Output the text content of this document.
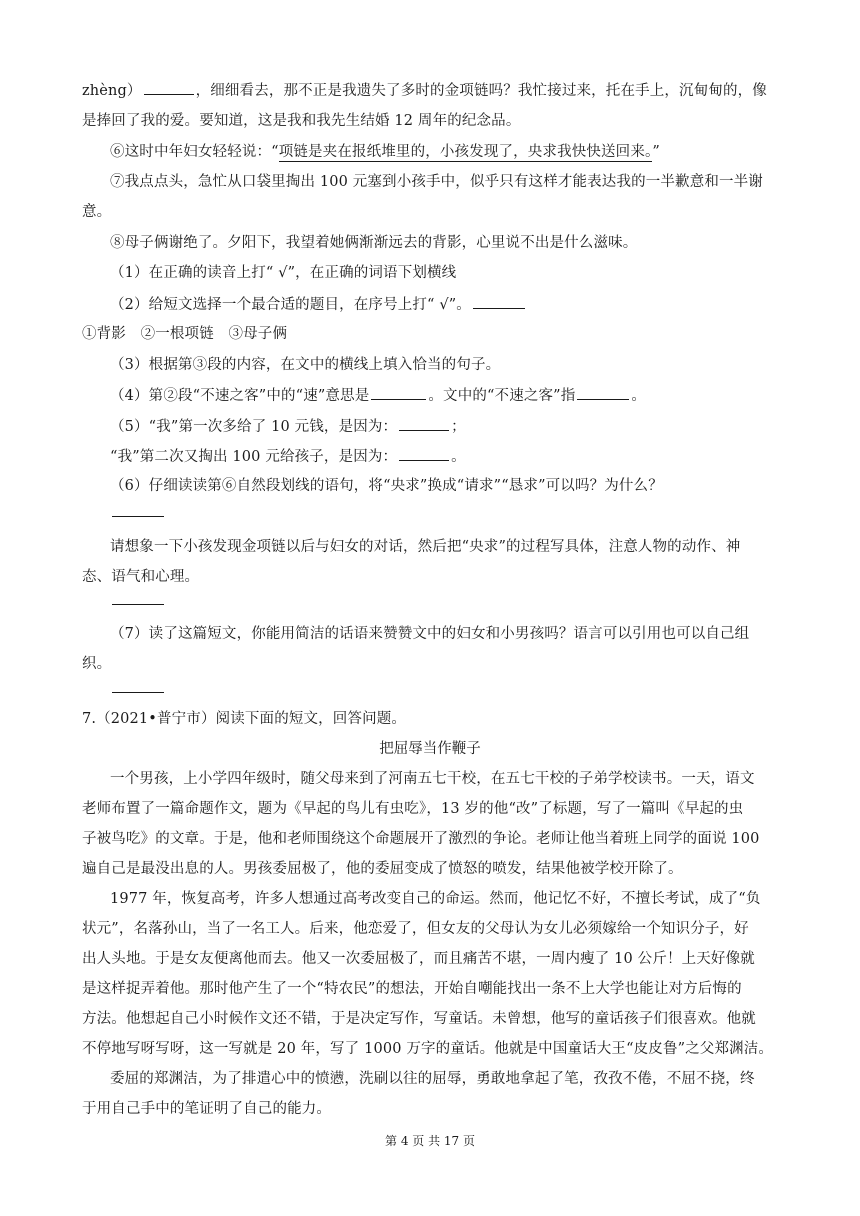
zhèng）	，细细看去，那不正是我遗失了多时的金项链吗？我忙接过来，托在手上，沉甸甸的，像
是捧回了我的爱。要知道，这是我和我先生结婚 12 周年的纪念品。
⑥这时中年妇女轻轻说：“项链是夹在报纸堆里的，小孩发现了，央求我快快送回来。”
⑦我点点头，急忙从口袋里掏出 100 元塞到小孩手中，似乎只有这样才能表达我的一半歉意和一半谢
意。
⑧母子俩谢绝了。夕阳下，我望着她俩渐渐远去的背影，心里说不出是什么滋味。
（1）在正确的读音上打“ √”，在正确的词语下划横线
（2）给短文选择一个最合适的题目，在序号上打“ √”。
①背影　②一根项链　③母子俩
（3）根据第③段的内容，在文中的横线上填入恰当的句子。
（4）第②段“不速之客”中的“速”意思是	。文中的“不速之客”指	。
（5）“我”第一次多给了 10 元钱，是因为：	；
“我”第二次又掏出 100 元给孩子，是因为：	。
（6）仔细读读第⑥自然段划线的语句，将“央求”换成“请求”“恳求”可以吗？为什么？
请想象一下小孩发现金项链以后与妇女的对话，然后把“央求”的过程写具体，注意人物的动作、神
态、语气和心理。
（7）读了这篇短文，你能用简洁的话语来赞赞文中的妇女和小男孩吗？语言可以引用也可以自己组
织。
7.（2021•普宁市）阅读下面的短文，回答问题。
把屈辱当作鞭子
一个男孩，上小学四年级时，随父母来到了河南五七干校，在五七干校的子弟学校读书。一天，语文
老师布置了一篇命题作文，题为《早起的鸟儿有虫吃》，13 岁的他“改”了标题，写了一篇叫《早起的虫
子被鸟吃》的文章。于是，他和老师围绕这个命题展开了激烈的争论。老师让他当着班上同学的面说 100
遍自己是最没出息的人。男孩委屈极了，他的委屈变成了愤怒的喷发，结果他被学校开除了。
1977 年，恢复高考，许多人想通过高考改变自己的命运。然而，他记忆不好，不擅长考试，成了“负
状元”，名落孙山，当了一名工人。后来，他恋爱了，但女友的父母认为女儿必须嫁给一个知识分子，好
出人头地。于是女友便离他而去。他又一次委屈极了，而且痛苦不堪，一周内瘦了 10 公斤！上天好像就
是这样捉弄着他。那时他产生了一个“特农民”的想法，开始自嘲能找出一条不上大学也能让对方后悔的
方法。他想起自己小时候作文还不错，于是决定写作，写童话。未曾想，他写的童话孩子们很喜欢。他就
不停地写呀写呀，这一写就是 20 年，写了 1000 万字的童话。他就是中国童话大王“皮皮鲁”之父郑渊洁。
委屈的郑渊洁，为了排遣心中的愤懑，洗刷以往的屈辱，勇敢地拿起了笔，孜孜不倦，不屈不挠，终
于用自己手中的笔证明了自己的能力。
第 4 页 共 17 页
